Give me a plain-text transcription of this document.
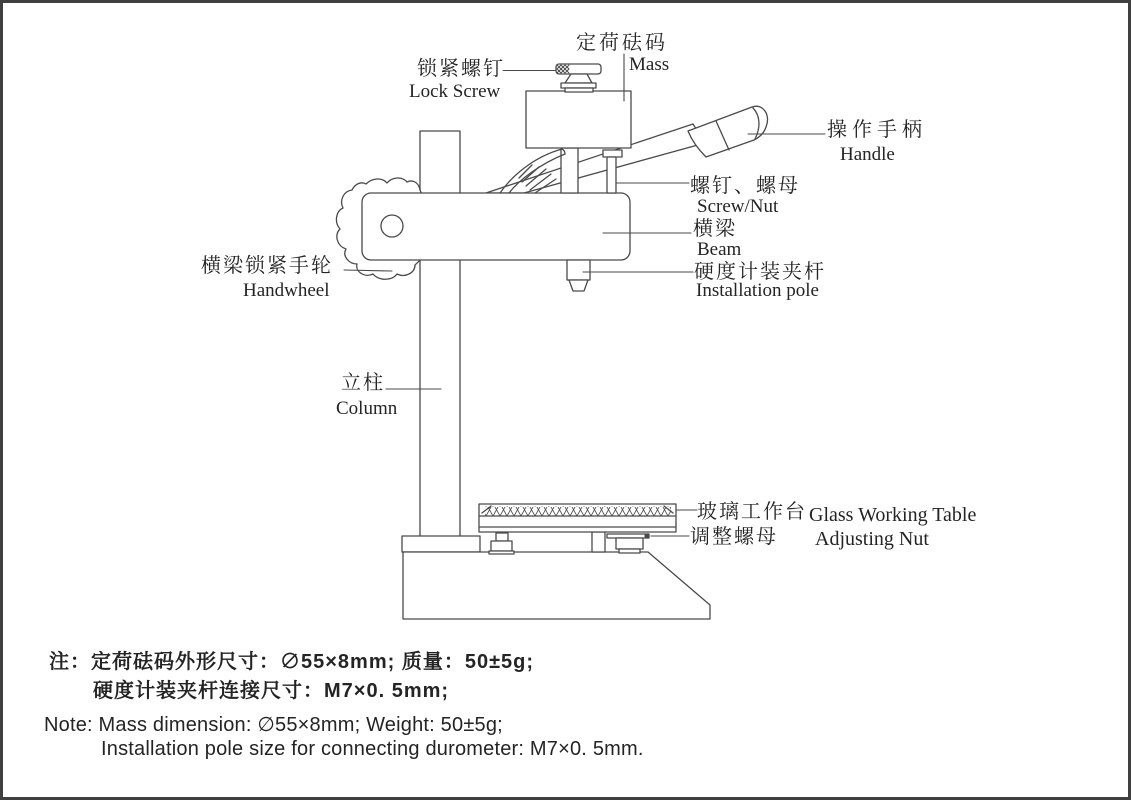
定荷砝码
Mass
锁紧螺钉
Lock Screw
操作手柄
Handle
螺钉、螺母
Screw/Nut
横梁
Beam
硬度计装夹杆
Installation pole
横梁锁紧手轮
Handwheel
立柱
Column
玻璃工作台 Glass Working Table
调整螺母 Adjusting Nut
注：定荷砝码外形尺寸：∅55×8mm; 质量：50±5g;
硬度计装夹杆连接尺寸：M7×0. 5mm;
Note: Mass dimension: ∅55×8mm; Weight: 50±5g;
Installation pole size for connecting durometer: M7×0. 5mm.
